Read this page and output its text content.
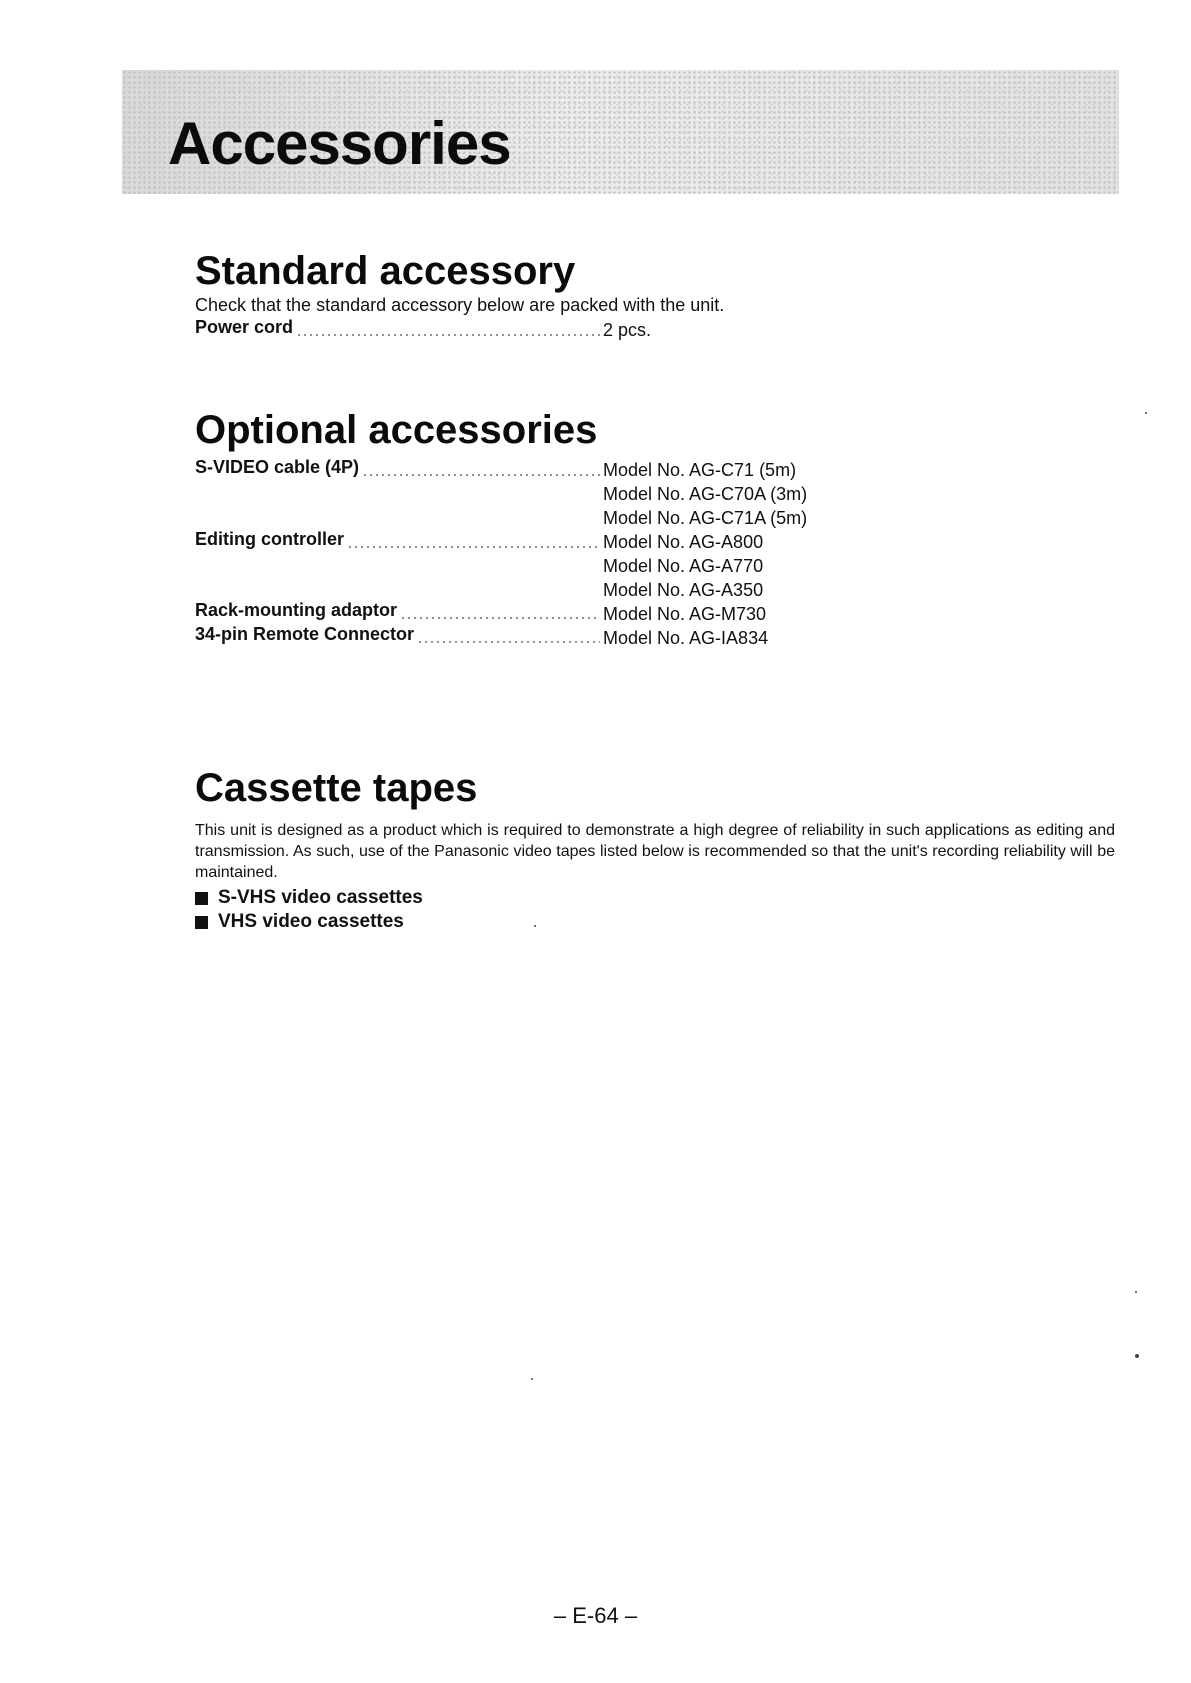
Accessories
Standard accessory

Check that the standard accessory below are packed with the unit.

Power cord	2 pcs.
Optional accessories
S-VIDEO cable (4P)	Model No. AG-C71 (5m)
Model No. AG-C70A (3m)
Model No. AG-C71A (5m)
Editing controller	Model No. AG-A800
Model No. AG-A770
Model No. AG-A350
Rack-mounting adaptor	Model No. AG-M730
34-pin Remote Connector	Model No. AG-IA834
Cassette tapes

This unit is designed as a product which is required to demonstrate a high degree of reliability in such applications as editing and transmission. As such, use of the Panasonic video tapes listed below is recommended so that the unit's recording reliability will be maintained.

S-VHS video cassettes
VHS video cassettes
– E-64 –
